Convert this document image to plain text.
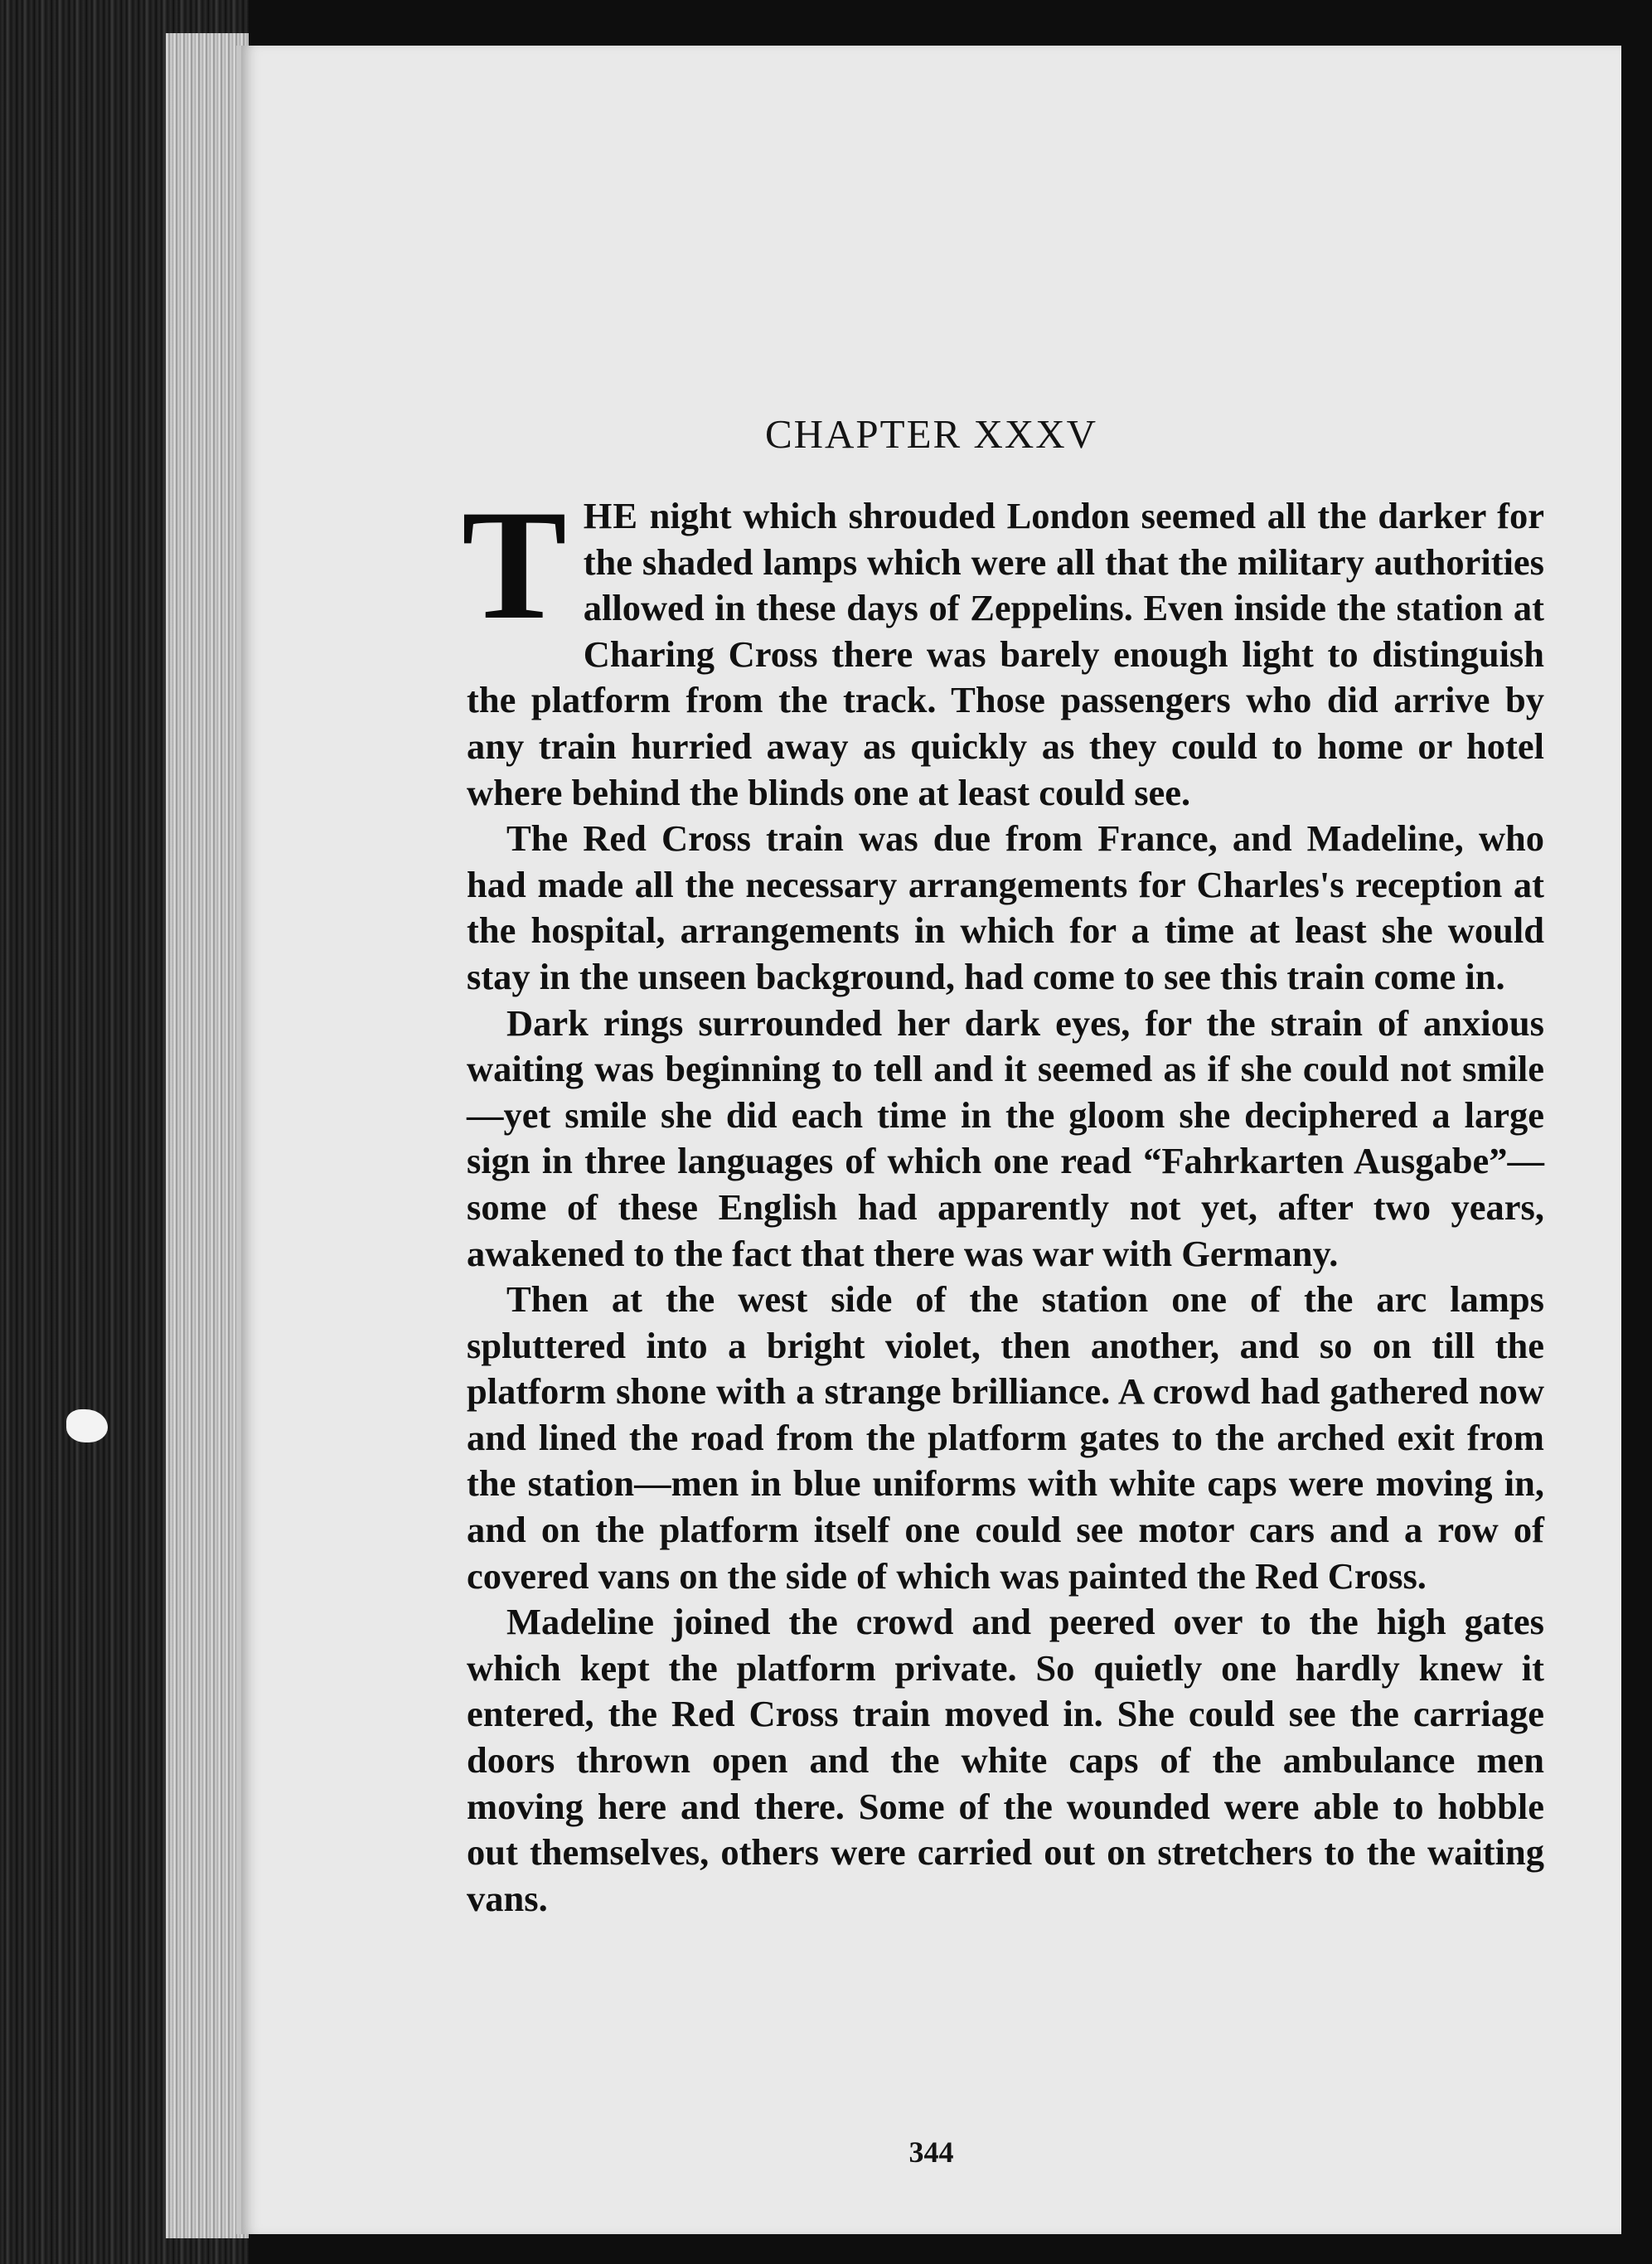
CHAPTER XXXV

THE night which shrouded London seemed all the darker for the shaded lamps which were all that the military authorities allowed in these days of Zeppelins. Even inside the station at Charing Cross there was barely enough light to distinguish the platform from the track. Those passengers who did arrive by any train hurried away as quickly as they could to home or hotel where behind the blinds one at least could see.

The Red Cross train was due from France, and Madeline, who had made all the necessary arrangements for Charles's reception at the hospital, arrangements in which for a time at least she would stay in the unseen background, had come to see this train come in.

Dark rings surrounded her dark eyes, for the strain of anxious waiting was beginning to tell and it seemed as if she could not smile—yet smile she did each time in the gloom she deciphered a large sign in three languages of which one read “Fahrkarten Ausgabe”—some of these English had apparently not yet, after two years, awakened to the fact that there was war with Germany.

Then at the west side of the station one of the arc lamps spluttered into a bright violet, then another, and so on till the platform shone with a strange brilliance. A crowd had gathered now and lined the road from the platform gates to the arched exit from the station—men in blue uniforms with white caps were moving in, and on the platform itself one could see motor cars and a row of covered vans on the side of which was painted the Red Cross.

Madeline joined the crowd and peered over to the high gates which kept the platform private. So quietly one hardly knew it entered, the Red Cross train moved in. She could see the carriage doors thrown open and the white caps of the ambulance men moving here and there. Some of the wounded were able to hobble out themselves, others were carried out on stretchers to the waiting vans.

344
